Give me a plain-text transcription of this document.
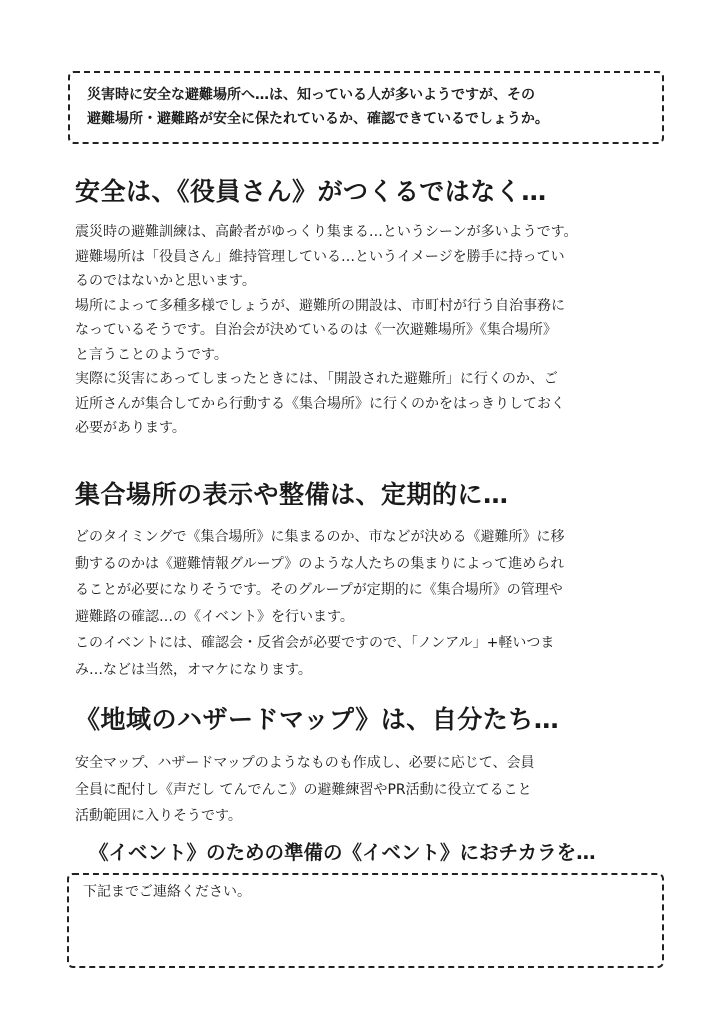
災害時に安全な避難場所へ…は、知っている人が多いようですが、その

避難場所・避難路が安全に保たれているか、確認できているでしょうか。

安全は、《役員さん》がつくるではなく…

震災時の避難訓練は、高齢者がゆっくり集まる…というシーンが多いようです。

避難場所は「役員さん」維持管理している…というイメージを勝手に持ってい

るのではないかと思います。

場所によって多種多様でしょうが、避難所の開設は、市町村が行う自治事務に

なっているそうです。自治会が決めているのは《一次避難場所》《集合場所》

と言うことのようです。

実際に災害にあってしまったときには、「開設された避難所」に行くのか、ご

近所さんが集合してから行動する《集合場所》に行くのかをはっきりしておく

必要があります。

集合場所の表示や整備は、定期的に…

どのタイミングで《集合場所》に集まるのか、市などが決める《避難所》に移

動するのかは《避難情報グループ》のような人たちの集まりによって進められ

ることが必要になりそうです。そのグループが定期的に《集合場所》の管理や

避難路の確認…の《イベント》を行います。

このイベントには、確認会・反省会が必要ですので、「ノンアル」+軽いつま

み…などは当然，オマケになります。

《地域のハザードマップ》は、自分たち…

安全マップ、ハザードマップのようなものも作成し、必要に応じて、会員

全員に配付し《声だし てんでんこ》の避難練習やPR活動に役立てること

活動範囲に入りそうです。

《イベント》のための準備の《イベント》におチカラを…

下記までご連絡ください。
